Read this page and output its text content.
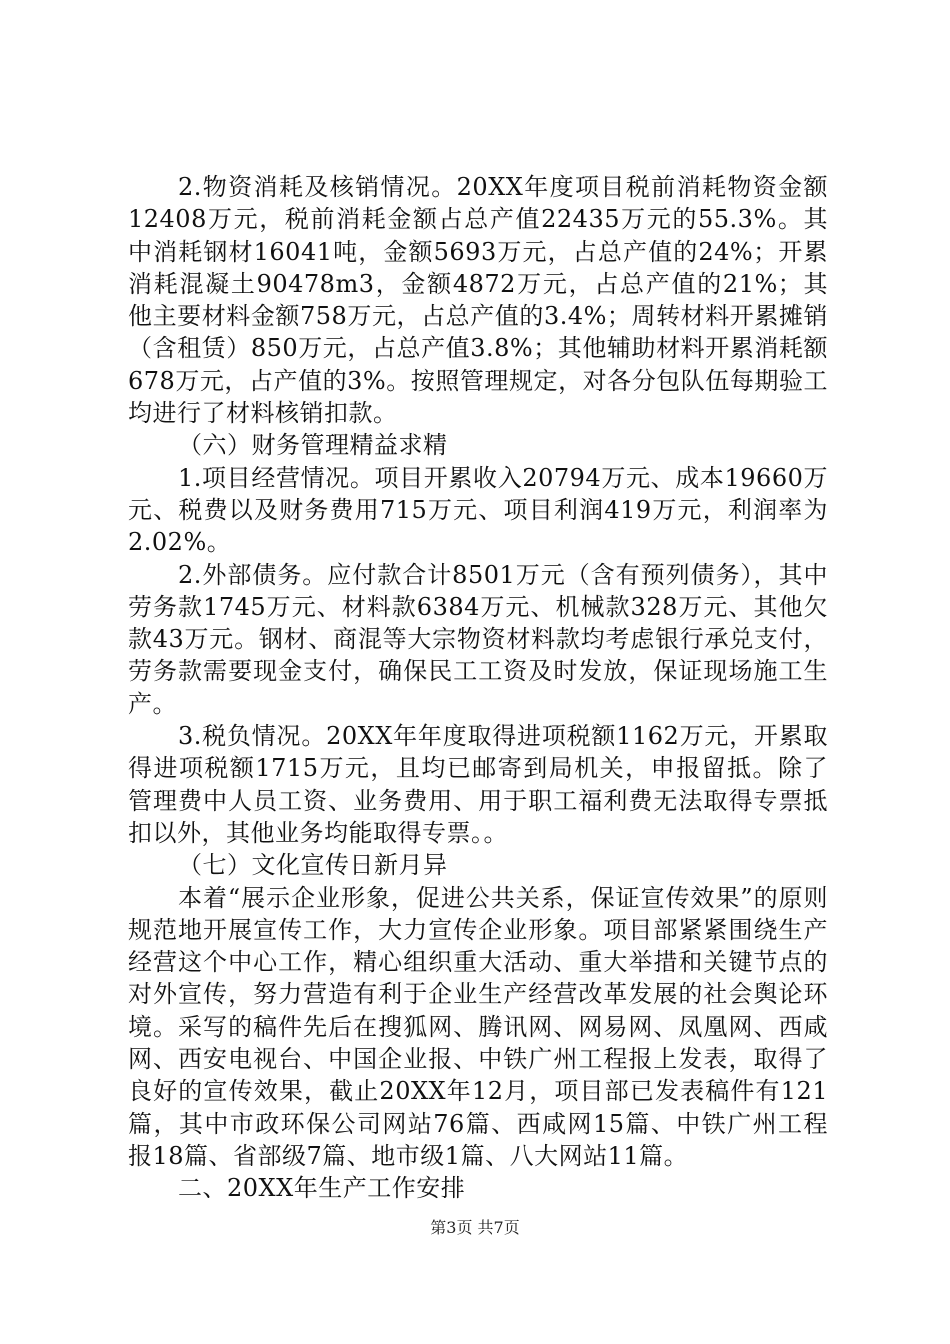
2.物资消耗及核销情况。20XX年度项目税前消耗物资金额12408万元，税前消耗金额占总产值22435万元的55.3%。其中消耗钢材16041吨，金额5693万元，占总产值的24%；开累消耗混凝土90478m3，金额4872万元，占总产值的21%；其他主要材料金额758万元，占总产值的3.4%；周转材料开累摊销（含租赁）850万元，占总产值3.8%；其他辅助材料开累消耗额678万元，占产值的3%。按照管理规定，对各分包队伍每期验工均进行了材料核销扣款。

（六）财务管理精益求精

1.项目经营情况。项目开累收入20794万元、成本19660万元、税费以及财务费用715万元、项目利润419万元，利润率为2.02%。

2.外部债务。应付款合计8501万元（含有预列债务），其中劳务款1745万元、材料款6384万元、机械款328万元、其他欠款43万元。钢材、商混等大宗物资材料款均考虑银行承兑支付，劳务款需要现金支付，确保民工工资及时发放，保证现场施工生产。

3.税负情况。20XX年年度取得进项税额1162万元，开累取得进项税额1715万元，且均已邮寄到局机关，申报留抵。除了管理费中人员工资、业务费用、用于职工福利费无法取得专票抵扣以外，其他业务均能取得专票。。

（七）文化宣传日新月异

本着“展示企业形象，促进公共关系，保证宣传效果”的原则规范地开展宣传工作，大力宣传企业形象。项目部紧紧围绕生产经营这个中心工作，精心组织重大活动、重大举措和关键节点的对外宣传，努力营造有利于企业生产经营改革发展的社会舆论环境。采写的稿件先后在搜狐网、腾讯网、网易网、凤凰网、西咸网、西安电视台、中国企业报、中铁广州工程报上发表，取得了良好的宣传效果，截止20XX年12月，项目部已发表稿件有121篇，其中市政环保公司网站76篇、西咸网15篇、中铁广州工程报18篇、省部级7篇、地市级1篇、八大网站11篇。

二、20XX年生产工作安排

第3页 共7页
